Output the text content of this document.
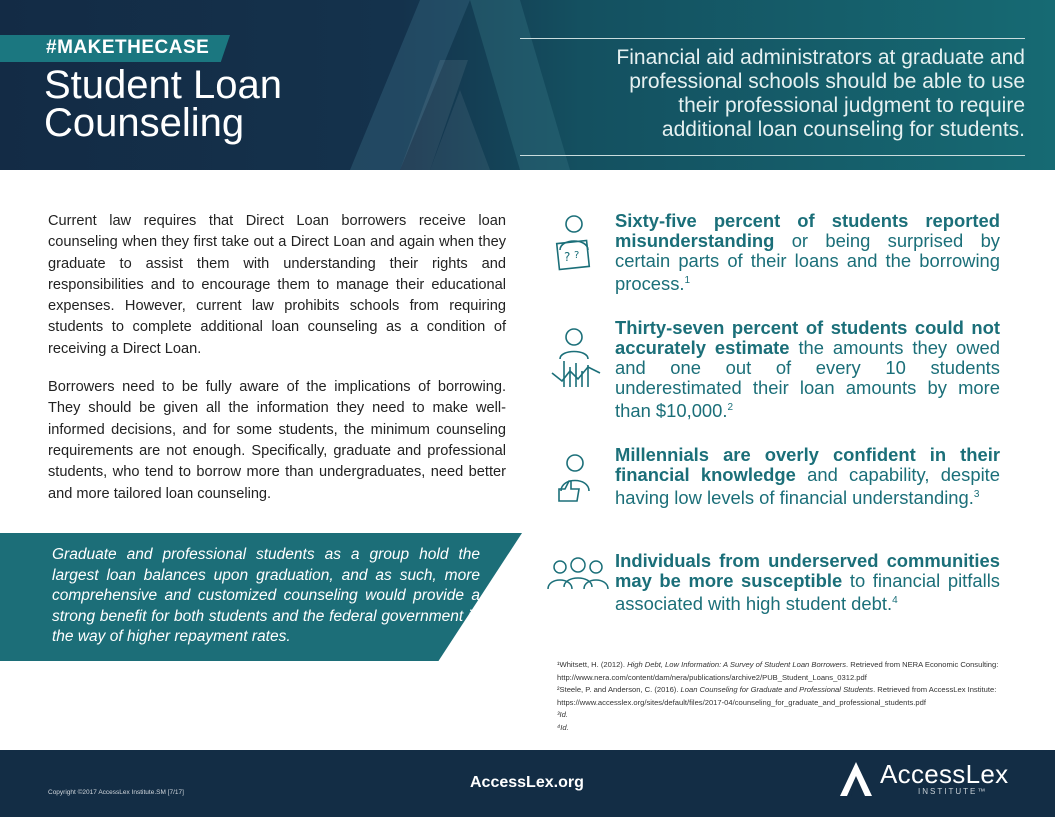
#MAKETHECASE
Student Loan
Counseling
Financial aid administrators at graduate and
professional schools should be able to use
their professional judgment to require
additional loan counseling for students.

Current law requires that Direct Loan borrowers receive loan counseling when they first take out a Direct Loan and again when they graduate to assist them with understanding their rights and responsibilities and to encourage them to manage their educational expenses. However, current law prohibits schools from requiring students to complete additional loan counseling as a condition of receiving a Direct Loan.

Borrowers need to be fully aware of the implications of borrowing. They should be given all the information they need to make well-informed decisions, and for some students, the minimum counseling requirements are not enough. Specifically, graduate and professional students, who tend to borrow more than undergraduates, need better and more tailored loan counseling.

Graduate and professional students as a group hold the largest loan balances upon graduation, and as such, more comprehensive and customized counseling would provide a strong benefit for both students and the federal government in the way of higher repayment rates.
? ?
Sixty-five percent of students reported misunderstanding or being surprised by certain parts of their loans and the borrowing process.$^1$
Thirty-seven percent of students could not accurately estimate the amounts they owed and one out of every 10 students underestimated their loan amounts by more than $10,000.$^2$
Millennials are overly confident in their financial knowledge and capability, despite having low levels of financial understanding.$^3$
Individuals from underserved communities may be more susceptible to financial pitfalls associated with high student debt.$^4$
¹Whitsett, H. (2012). High Debt, Low Information: A Survey of Student Loan Borrowers. Retrieved from NERA Economic Consulting:
http://www.nera.com/content/dam/nera/publications/archive2/PUB_Student_Loans_0312.pdf
²Steele, P. and Anderson, C. (2016). Loan Counseling for Graduate and Professional Students. Retrieved from AccessLex Institute:
https://www.accesslex.org/sites/default/files/2017-04/counseling_for_graduate_and_professional_students.pdf
³Id.
⁴Id.
Copyright ©2017 AccessLex Institute.SM [7/17]
AccessLex.org	AccessLex
INSTITUTE™
